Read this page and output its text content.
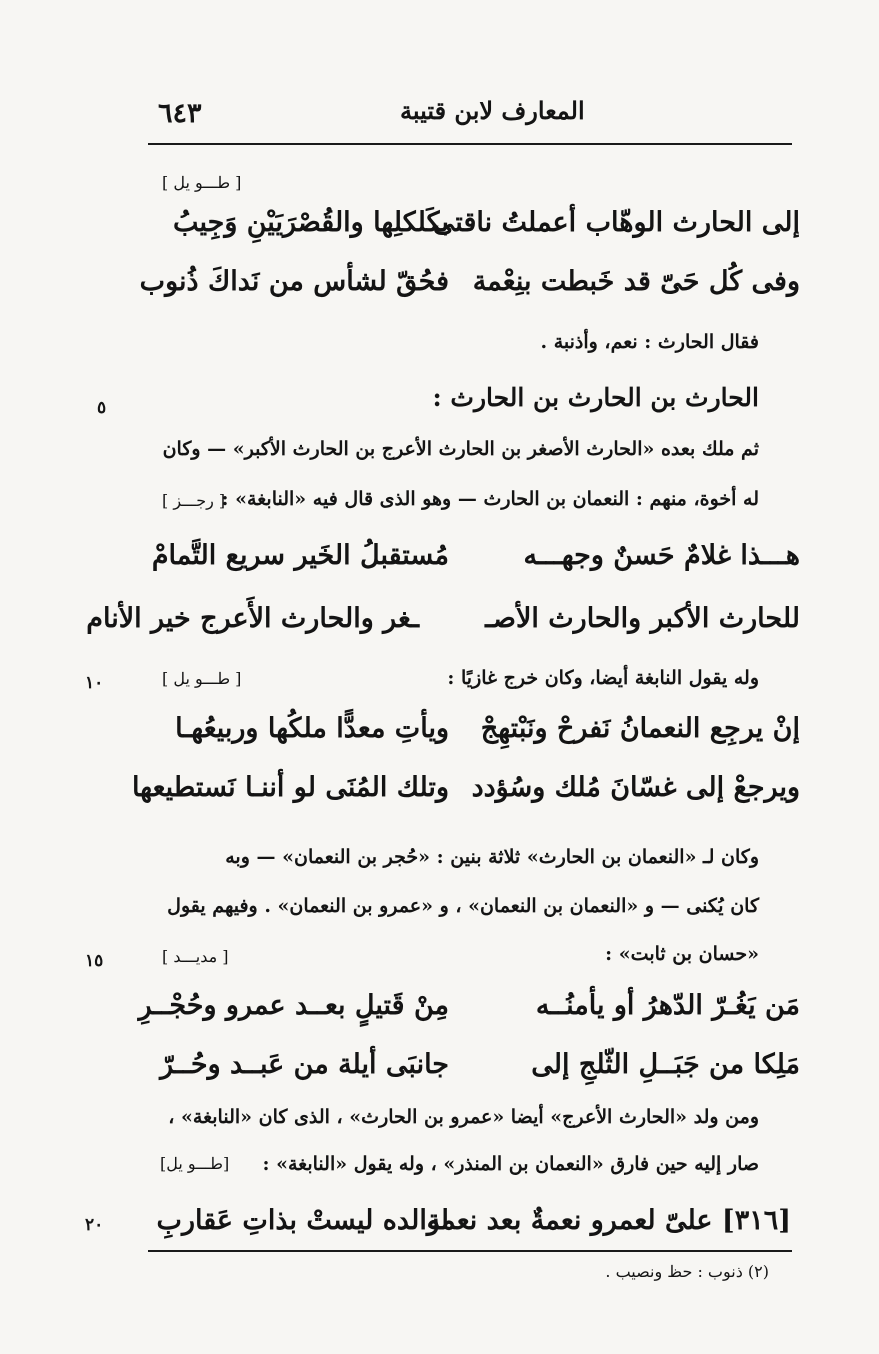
٦٤٣	المعارف لابن قتيبة
[ طـــو يل ]
إلى الحارث الوهّاب أعملتُ ناقتى
بكَلكلِها والقُصْرَيَيْنِ وَجِيبُ
وفى كُل حَىّ قد خَبطت بنِعْمة
فحُقّ لشأس من نَداكَ ذُنوب
فقال الحارث : نعم، وأذنبة .
الحارث بن الحارث بن الحارث :
٥
ثم ملك بعده «الحارث الأصغر بن الحارث الأعرج بن الحارث الأكبر» — وكان
له أخوة، منهم : النعمان بن الحارث — وهو الذى قال فيه «النابغة» :
[ رجـــز ]
هـــذا غلامٌ حَسنٌ وجهـــه
مُستقبلُ الخَير سريع التَّمامْ
للحارث الأكبر والحارث الأصـ
ـغر والحارث الأَعرج خير الأنام
وله يقول النابغة أيضا، وكان خرج غازيًا :
[ طـــو يل ]
١٠
إنْ يرجِع النعمانُ نَفرحْ ونَبْتهِجْ
ويأتِ معدًّا ملكُها وربيعُهـا
ويرجعْ إلى غسّانَ مُلك وسُؤدد
وتلك المُنَى لو أننـا نَستطيعها
وكان لـ «النعمان بن الحارث» ثلاثة بنين : «حُجر بن النعمان» — وبه
كان يُكنى — و «النعمان بن النعمان» ، و «عمرو بن النعمان» . وفيهم يقول
«حسان بن ثابت» :
[ مديـــد ]
١٥
مَن يَغُـرّ الدّهرُ أو يأمنُــه
مِنْ قَتيلٍ بعــد عمرو وحُجْــرِ
مَلِكا من جَبَــلِ الثّلجِ إلى
جانبَى أيلة من عَبــد وحُــرّ
ومن ولد «الحارث الأعرج» أيضا «عمرو بن الحارث» ، الذى كان «النابغة» ،
صار إليه حين فارق «النعمان بن المنذر» ، وله يقول «النابغة» :
[طـــو يل]
[٣١٦] علىّ لعمرو نعمةٌ بعد نعمة
لوالده ليستْ بذاتِ عَقاربِ
٢٠
(٢) ذنوب : حظ ونصيب .
